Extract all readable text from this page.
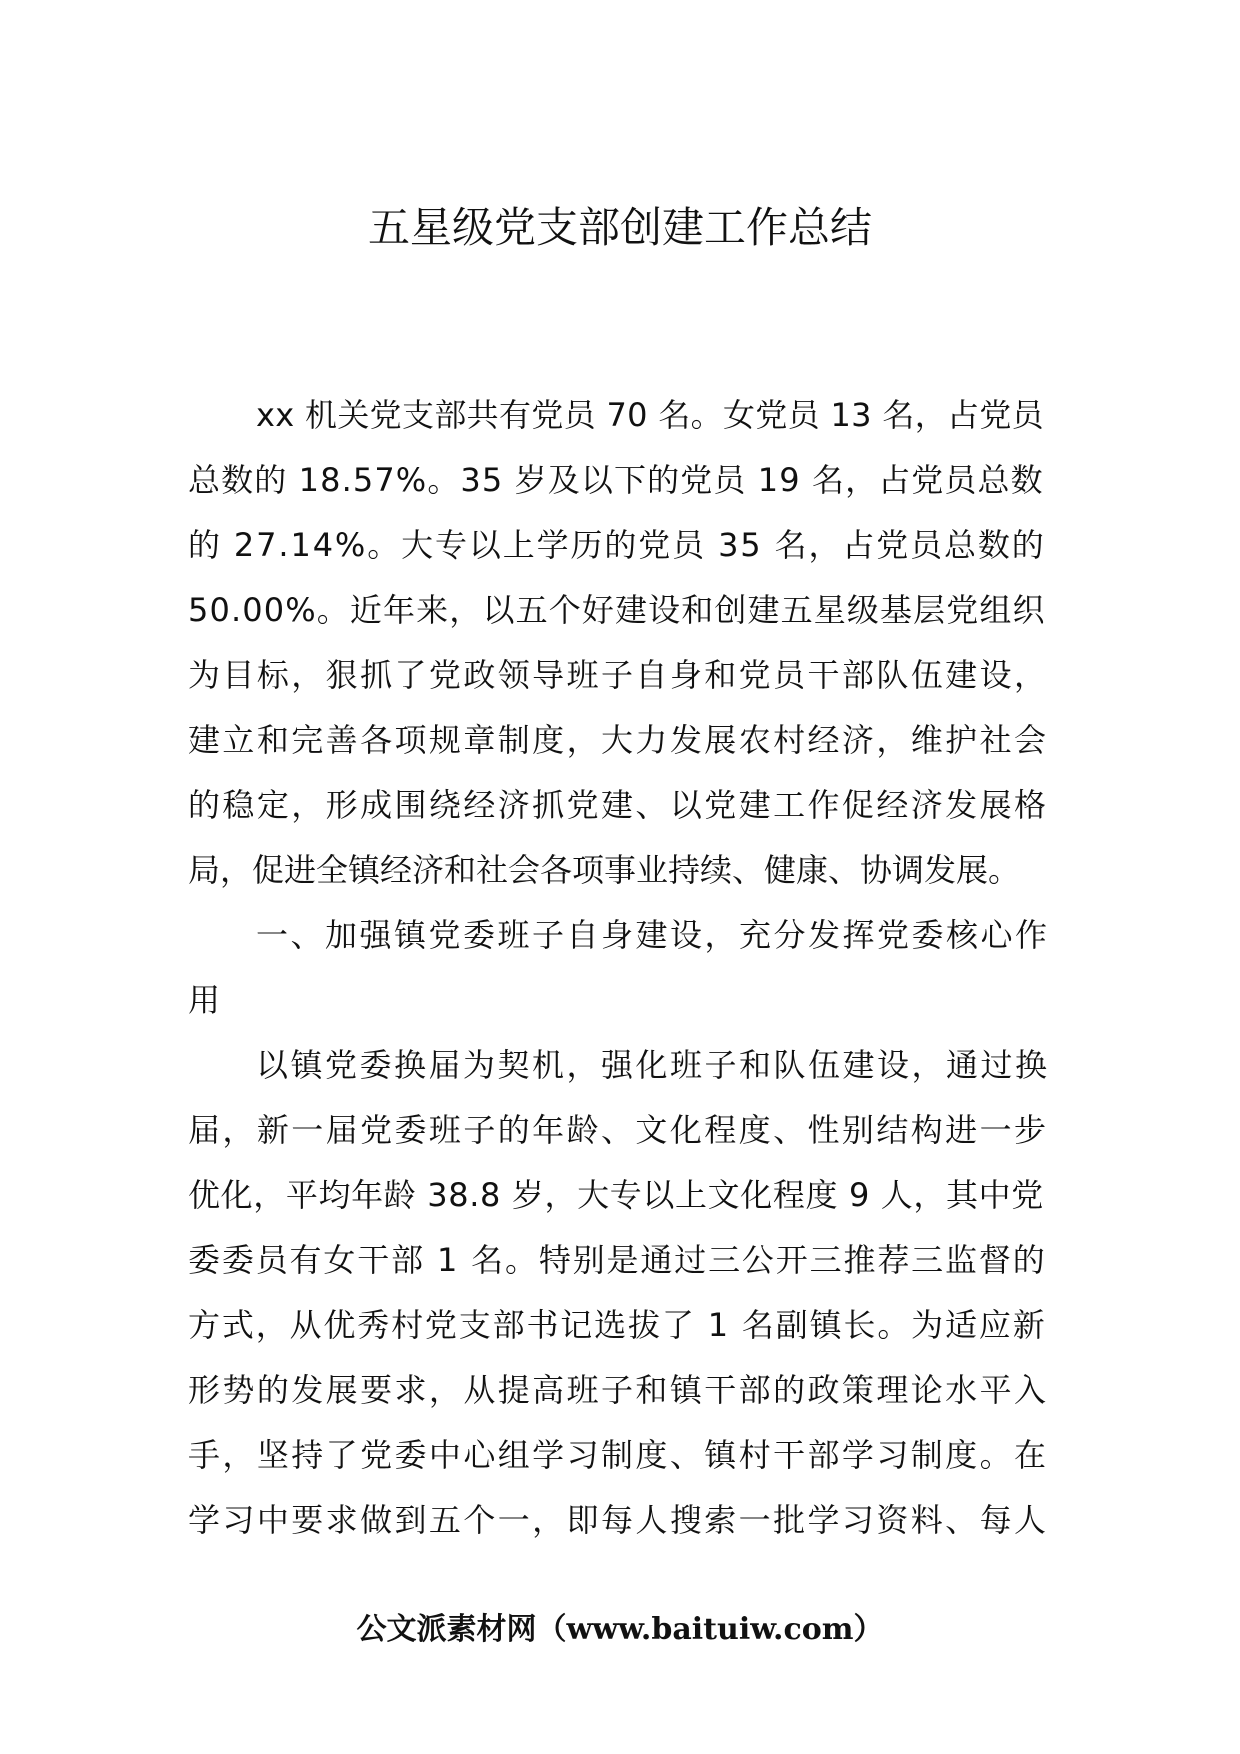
五星级党支部创建工作总结
xx 机关党支部共有党员 70 名。女党员 13 名，占党员
总数的 18.57%。35 岁及以下的党员 19 名，占党员总数
的 27.14%。大专以上学历的党员 35 名，占党员总数的
50.00%。近年来，以五个好建设和创建五星级基层党组织
为目标，狠抓了党政领导班子自身和党员干部队伍建设，
建立和完善各项规章制度，大力发展农村经济，维护社会
的稳定，形成围绕经济抓党建、以党建工作促经济发展格
局，促进全镇经济和社会各项事业持续、健康、协调发展。
一、加强镇党委班子自身建设，充分发挥党委核心作
用
以镇党委换届为契机，强化班子和队伍建设，通过换
届，新一届党委班子的年龄、文化程度、性别结构进一步
优化，平均年龄 38.8 岁，大专以上文化程度 9 人，其中党
委委员有女干部 1 名。特别是通过三公开三推荐三监督的
方式，从优秀村党支部书记选拔了 1 名副镇长。为适应新
形势的发展要求，从提高班子和镇干部的政策理论水平入
手，坚持了党委中心组学习制度、镇村干部学习制度。在
学习中要求做到五个一，即每人搜索一批学习资料、每人
公文派素材网（www.baituiw.com）
